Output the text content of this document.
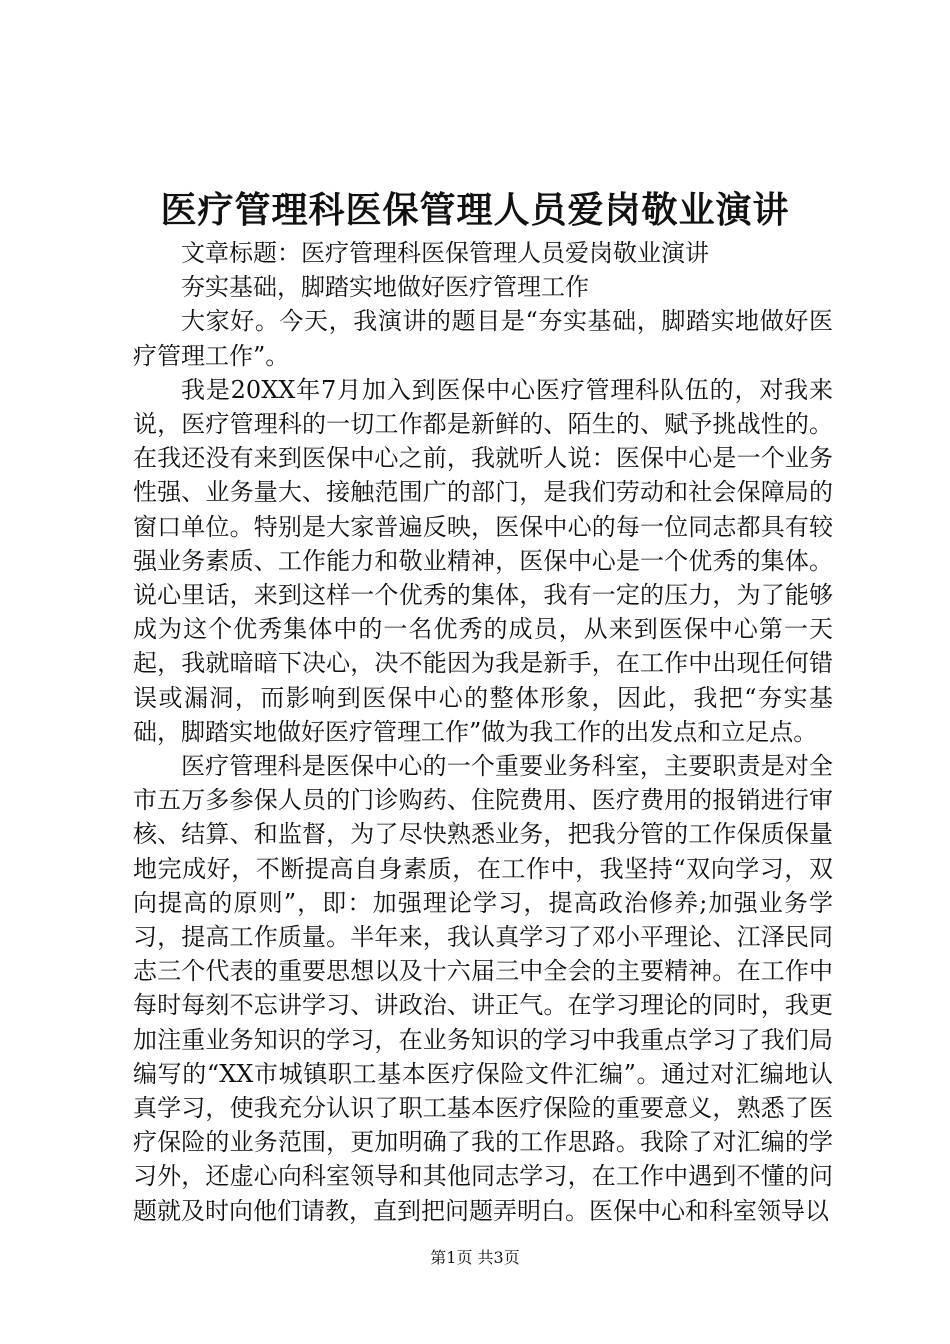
医疗管理科医保管理人员爱岗敬业演讲

文章标题：医疗管理科医保管理人员爱岗敬业演讲

夯实基础，脚踏实地做好医疗管理工作

大家好。今天，我演讲的题目是“夯实基础，脚踏实地做好医疗管理工作”。

我是20XX年7月加入到医保中心医疗管理科队伍的，对我来说，医疗管理科的一切工作都是新鲜的、陌生的、赋予挑战性的。在我还没有来到医保中心之前，我就听人说：医保中心是一个业务性强、业务量大、接触范围广的部门，是我们劳动和社会保障局的窗口单位。特别是大家普遍反映，医保中心的每一位同志都具有较强业务素质、工作能力和敬业精神，医保中心是一个优秀的集体。说心里话，来到这样一个优秀的集体，我有一定的压力，为了能够成为这个优秀集体中的一名优秀的成员，从来到医保中心第一天起，我就暗暗下决心，决不能因为我是新手，在工作中出现任何错误或漏洞，而影响到医保中心的整体形象，因此，我把“夯实基础，脚踏实地做好医疗管理工作”做为我工作的出发点和立足点。

医疗管理科是医保中心的一个重要业务科室，主要职责是对全市五万多参保人员的门诊购药、住院费用、医疗费用的报销进行审核、结算、和监督，为了尽快熟悉业务，把我分管的工作保质保量地完成好，不断提高自身素质，在工作中，我坚持“双向学习，双向提高的原则”，即：加强理论学习，提高政治修养;加强业务学习，提高工作质量。半年来，我认真学习了邓小平理论、江泽民同志三个代表的重要思想以及十六届三中全会的主要精神。在工作中每时每刻不忘讲学习、讲政治、讲正气。在学习理论的同时，我更加注重业务知识的学习，在业务知识的学习中我重点学习了我们局编写的“XX市城镇职工基本医疗保险文件汇编”。通过对汇编地认真学习，使我充分认识了职工基本医疗保险的重要意义，熟悉了医疗保险的业务范围，更加明确了我的工作思路。我除了对汇编的学习外，还虚心向科室领导和其他同志学习，在工作中遇到不懂的问题就及时向他们请教，直到把问题弄明白。医保中心和科室领导以

第1页 共3页
